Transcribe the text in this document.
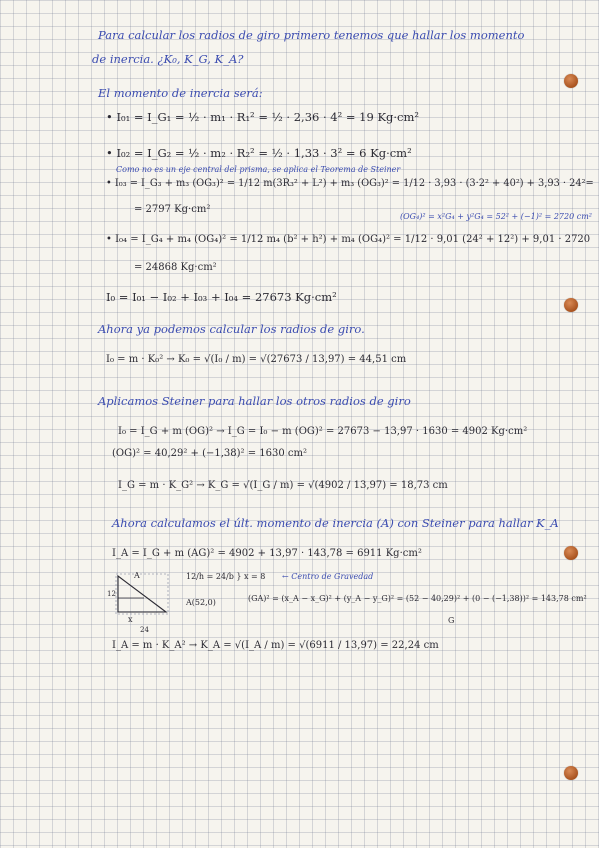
Para calcular los radios de giro primero tenemos que hallar los momento
de inercia. ¿K₀, K_G, K_A?
El momento de inercia será:
• I₀₁ = I_G₁ = ½ · m₁ · R₁² = ½ · 2,36 · 4² = 19 Kg·cm²
• I₀₂ = I_G₂ = ½ · m₂ · R₂² = ½ · 1,33 · 3² = 6 Kg·cm²
Como no es un eje central del prisma, se aplica el Teorema de Steiner
• I₀₃ = I_G₃ + m₃ (OG₃)² = 1/12 m(3R₃² + L²) + m₃ (OG₃)² = 1/12 · 3,93 · (3·2² + 40²) + 3,93 · 24²=
= 2797 Kg·cm²
(OG₄)² = x²G₄ + y²G₄ = 52² + (−1)² = 2720 cm²
• I₀₄ = I_G₄ + m₄ (OG₄)² = 1/12 m₄ (b² + h²) + m₄ (OG₄)² = 1/12 · 9,01 (24² + 12²) + 9,01 · 2720
= 24868 Kg·cm²
I₀ = I₀₁ − I₀₂ + I₀₃ + I₀₄ = 27673 Kg·cm²
Ahora ya podemos calcular los radios de giro.
I₀ = m · K₀² → K₀ = √(I₀ / m) = √(27673 / 13,97) = 44,51 cm
Aplicamos Steiner para hallar los otros radios de giro
I₀ = I_G + m (OG)² → I_G = I₀ − m (OG)² = 27673 − 13,97 · 1630 = 4902 Kg·cm²
(OG)² = 40,29² + (−1,38)² = 1630 cm²
I_G = m · K_G² → K_G = √(I_G / m) = √(4902 / 13,97) = 18,73 cm
Ahora calculamos el últ. momento de inercia (A) con Steiner para hallar K_A
I_A = I_G + m (AG)² = 4902 + 13,97 · 143,78 = 6911 Kg·cm²
12/h = 24/b } x = 8 ← Centro de Gravedad
A(52,0)	(GA)² = (x_A − x_G)² + (y_A − y_G)² = (52 − 40,29)² + (0 − (−1,38))² = 143,78 cm²
G
I_A = m · K_A² → K_A = √(I_A / m) = √(6911 / 13,97) = 22,24 cm
A
12
x
24
